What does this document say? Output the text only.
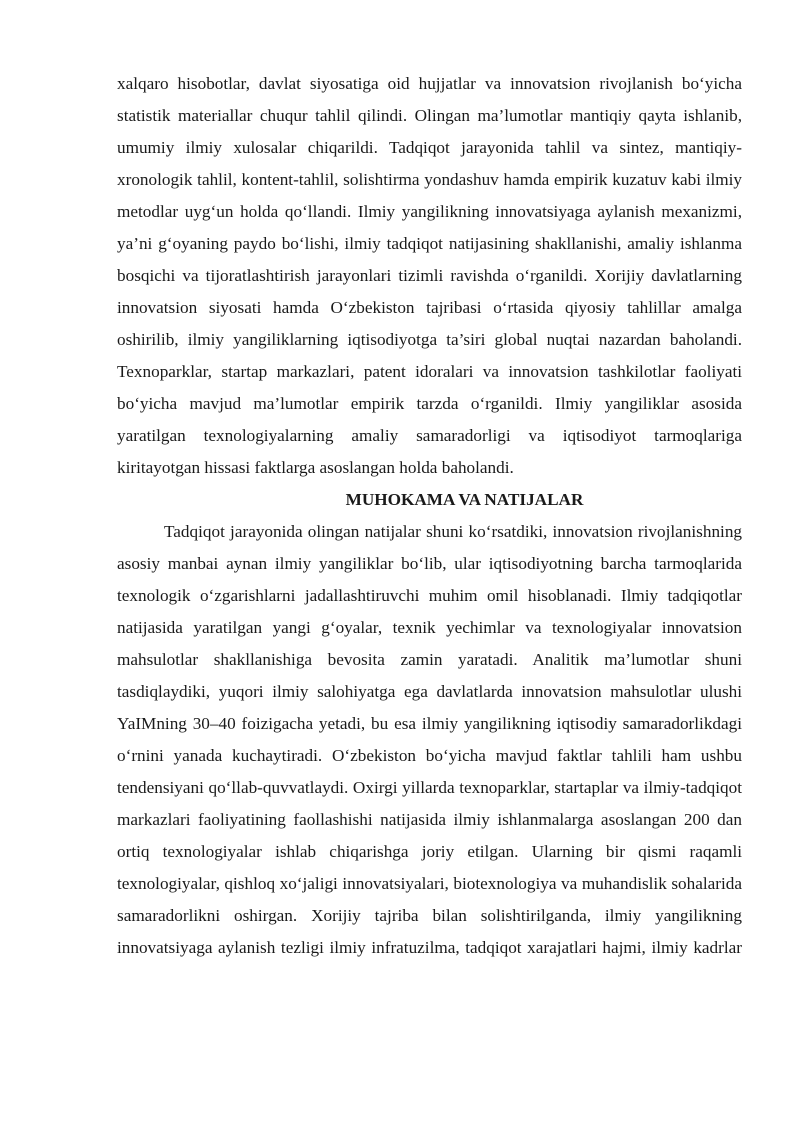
xalqaro hisobotlar, davlat siyosatiga oid hujjatlar va innovatsion rivojlanish bo‘yicha statistik materiallar chuqur tahlil qilindi. Olingan ma’lumotlar mantiqiy qayta ishlanib, umumiy ilmiy xulosalar chiqarildi. Tadqiqot jarayonida tahlil va sintez, mantiqiy-xronologik tahlil, kontent-tahlil, solishtirma yondashuv hamda empirik kuzatuv kabi ilmiy metodlar uyg‘un holda qo‘llandi. Ilmiy yangilikning innovatsiyaga aylanish mexanizmi, ya’ni g‘oyaning paydo bo‘lishi, ilmiy tadqiqot natijasining shakllanishi, amaliy ishlanma bosqichi va tijoratlashtirish jarayonlari tizimli ravishda o‘rganildi. Xorijiy davlatlarning innovatsion siyosati hamda O‘zbekiston tajribasi o‘rtasida qiyosiy tahlillar amalga oshirilib, ilmiy yangiliklarning iqtisodiyotga ta’siri global nuqtai nazardan baholandi. Texnoparklar, startap markazlari, patent idoralari va innovatsion tashkilotlar faoliyati bo‘yicha mavjud ma’lumotlar empirik tarzda o‘rganildi. Ilmiy yangiliklar asosida yaratilgan texnologiyalarning amaliy samaradorligi va iqtisodiyot tarmoqlariga kiritayotgan hissasi faktlarga asoslangan holda baholandi.

MUHOKAMA VA NATIJALAR

Tadqiqot jarayonida olingan natijalar shuni ko‘rsatdiki, innovatsion rivojlanishning asosiy manbai aynan ilmiy yangiliklar bo‘lib, ular iqtisodiyotning barcha tarmoqlarida texnologik o‘zgarishlarni jadallashtiruvchi muhim omil hisoblanadi. Ilmiy tadqiqotlar natijasida yaratilgan yangi g‘oyalar, texnik yechimlar va texnologiyalar innovatsion mahsulotlar shakllanishiga bevosita zamin yaratadi. Analitik ma’lumotlar shuni tasdiqlaydiki, yuqori ilmiy salohiyatga ega davlatlarda innovatsion mahsulotlar ulushi YaIMning 30–40 foizigacha yetadi, bu esa ilmiy yangilikning iqtisodiy samaradorlikdagi o‘rnini yanada kuchaytiradi. O‘zbekiston bo‘yicha mavjud faktlar tahlili ham ushbu tendensiyani qo‘llab-quvvatlaydi. Oxirgi yillarda texnoparklar, startaplar va ilmiy-tadqiqot markazlari faoliyatining faollashishi natijasida ilmiy ishlanmalarga asoslangan 200 dan ortiq texnologiyalar ishlab chiqarishga joriy etilgan. Ularning bir qismi raqamli texnologiyalar, qishloq xo‘jaligi innovatsiyalari, biotexnologiya va muhandislik sohalarida samaradorlikni oshirgan. Xorijiy tajriba bilan solishtirilganda, ilmiy yangilikning innovatsiyaga aylanish tezligi ilmiy infratuzilma, tadqiqot xarajatlari hajmi, ilmiy kadrlar
